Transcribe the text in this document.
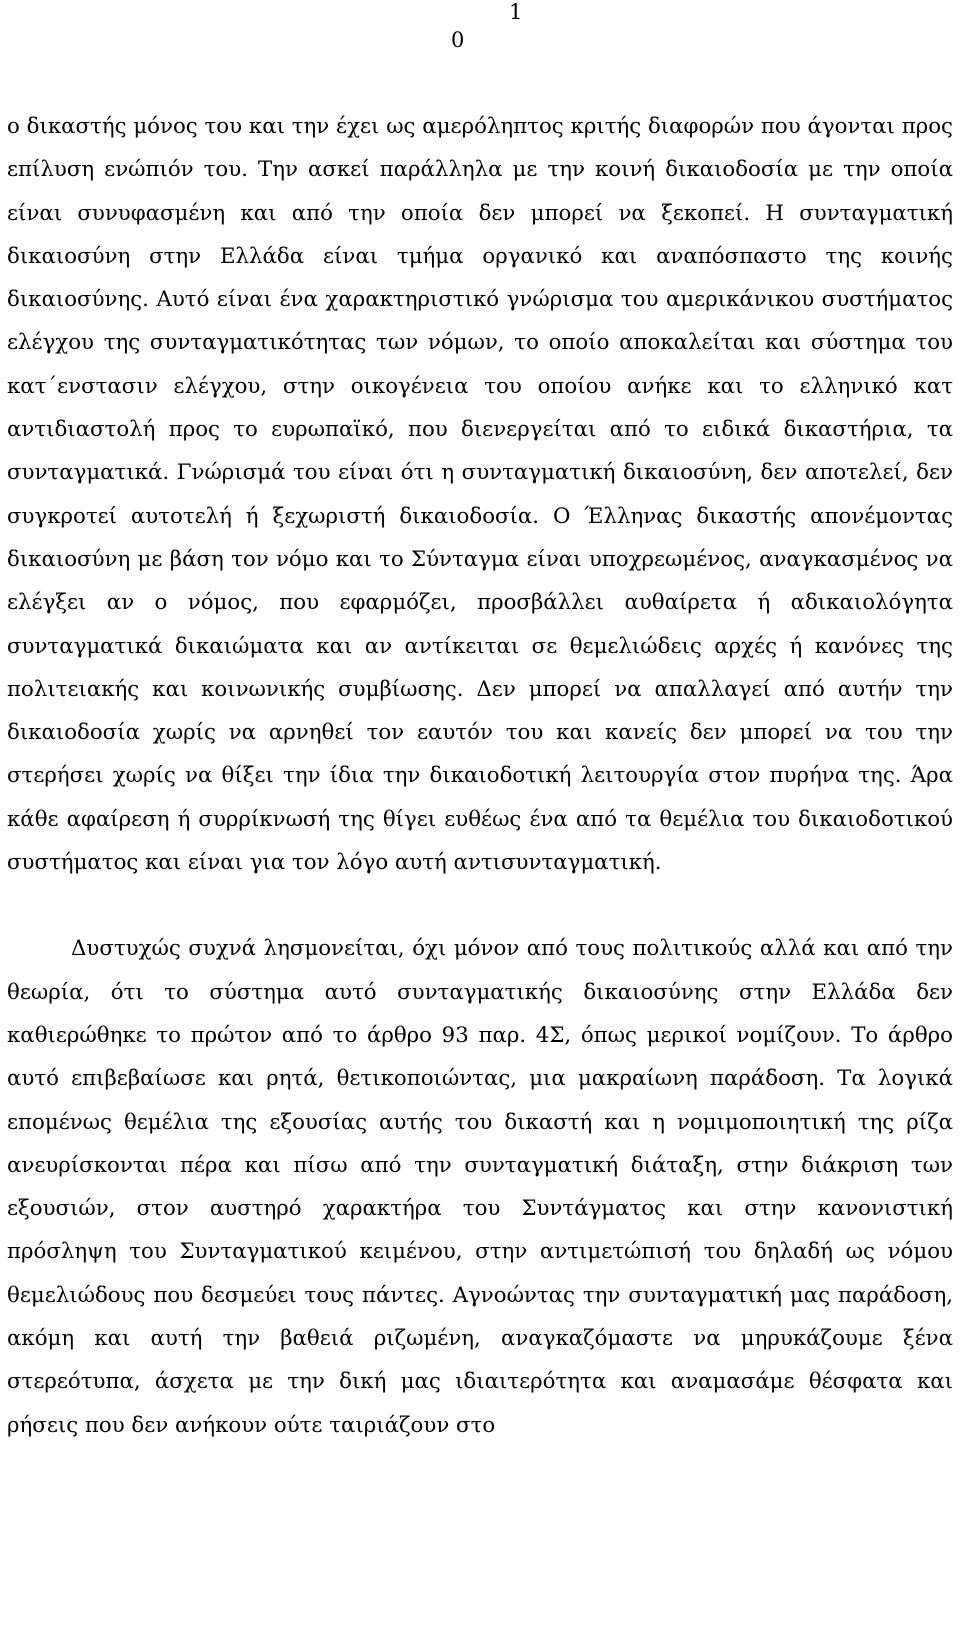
1
0

ο δικαστής μόνος του και την έχει ως αμερόληπτος κριτής διαφορών που άγονται προς επίλυση ενώπιόν του. Την ασκεί παράλληλα με την κοινή δικαιοδοσία με την οποία είναι συνυφασμένη και από την οποία δεν μπορεί να ξεκοπεί. Η συνταγματική δικαιοσύνη στην Ελλάδα είναι τμήμα οργανικό και αναπόσπαστο της κοινής δικαιοσύνης. Αυτό είναι ένα χαρακτηριστικό γνώρισμα του αμερικάνικου συστήματος ελέγχου της συνταγματικότητας των νόμων, το οποίο αποκαλείται και σύστημα του κατ΄ενστασιν ελέγχου, στην οικογένεια του οποίου ανήκε και το ελληνικό κατ αντιδιαστολή προς το ευρωπαϊκό, που διενεργείται από το ειδικά δικαστήρια, τα συνταγματικά. Γνώρισμά του είναι ότι η συνταγματική δικαιοσύνη, δεν αποτελεί, δεν συγκροτεί αυτοτελή ή ξεχωριστή δικαιοδοσία. Ο Έλληνας δικαστής απονέμοντας δικαιοσύνη με βάση τον νόμο και το Σύνταγμα είναι υποχρεωμένος, αναγκασμένος να ελέγξει αν ο νόμος, που εφαρμόζει, προσβάλλει αυθαίρετα ή αδικαιολόγητα συνταγματικά δικαιώματα και αν αντίκειται σε θεμελιώδεις αρχές ή κανόνες της πολιτειακής και κοινωνικής συμβίωσης. Δεν μπορεί να απαλλαγεί από αυτήν την δικαιοδοσία χωρίς να αρνηθεί τον εαυτόν του και κανείς δεν μπορεί να του την στερήσει χωρίς να θίξει την ίδια την δικαιοδοτική λειτουργία στον πυρήνα της. Άρα κάθε αφαίρεση ή συρρίκνωσή της θίγει ευθέως ένα από τα θεμέλια του δικαιοδοτικού συστήματος και είναι για τον λόγο αυτή αντισυνταγματική.

Δυστυχώς συχνά λησμονείται, όχι μόνον από τους πολιτικούς αλλά και από την θεωρία, ότι το σύστημα αυτό συνταγματικής δικαιοσύνης στην Ελλάδα δεν καθιερώθηκε το πρώτον από το άρθρο 93 παρ. 4Σ, όπως μερικοί νομίζουν. Το άρθρο αυτό επιβεβαίωσε και ρητά, θετικοποιώντας, μια μακραίωνη παράδοση. Τα λογικά επομένως θεμέλια της εξουσίας αυτής του δικαστή και η νομιμοποιητική της ρίζα ανευρίσκονται πέρα και πίσω από την συνταγματική διάταξη, στην διάκριση των εξουσιών, στον αυστηρό χαρακτήρα του Συντάγματος και στην κανονιστική πρόσληψη του Συνταγματικού κειμένου, στην αντιμετώπισή του δηλαδή ως νόμου θεμελιώδους που δεσμεύει τους πάντες. Αγνοώντας την συνταγματική μας παράδοση, ακόμη και αυτή την βαθειά ριζωμένη, αναγκαζόμαστε να μηρυκάζουμε ξένα στερεότυπα, άσχετα με την δική μας ιδιαιτερότητα και αναμασάμε θέσφατα και ρήσεις που δεν ανήκουν ούτε ταιριάζουν στο
